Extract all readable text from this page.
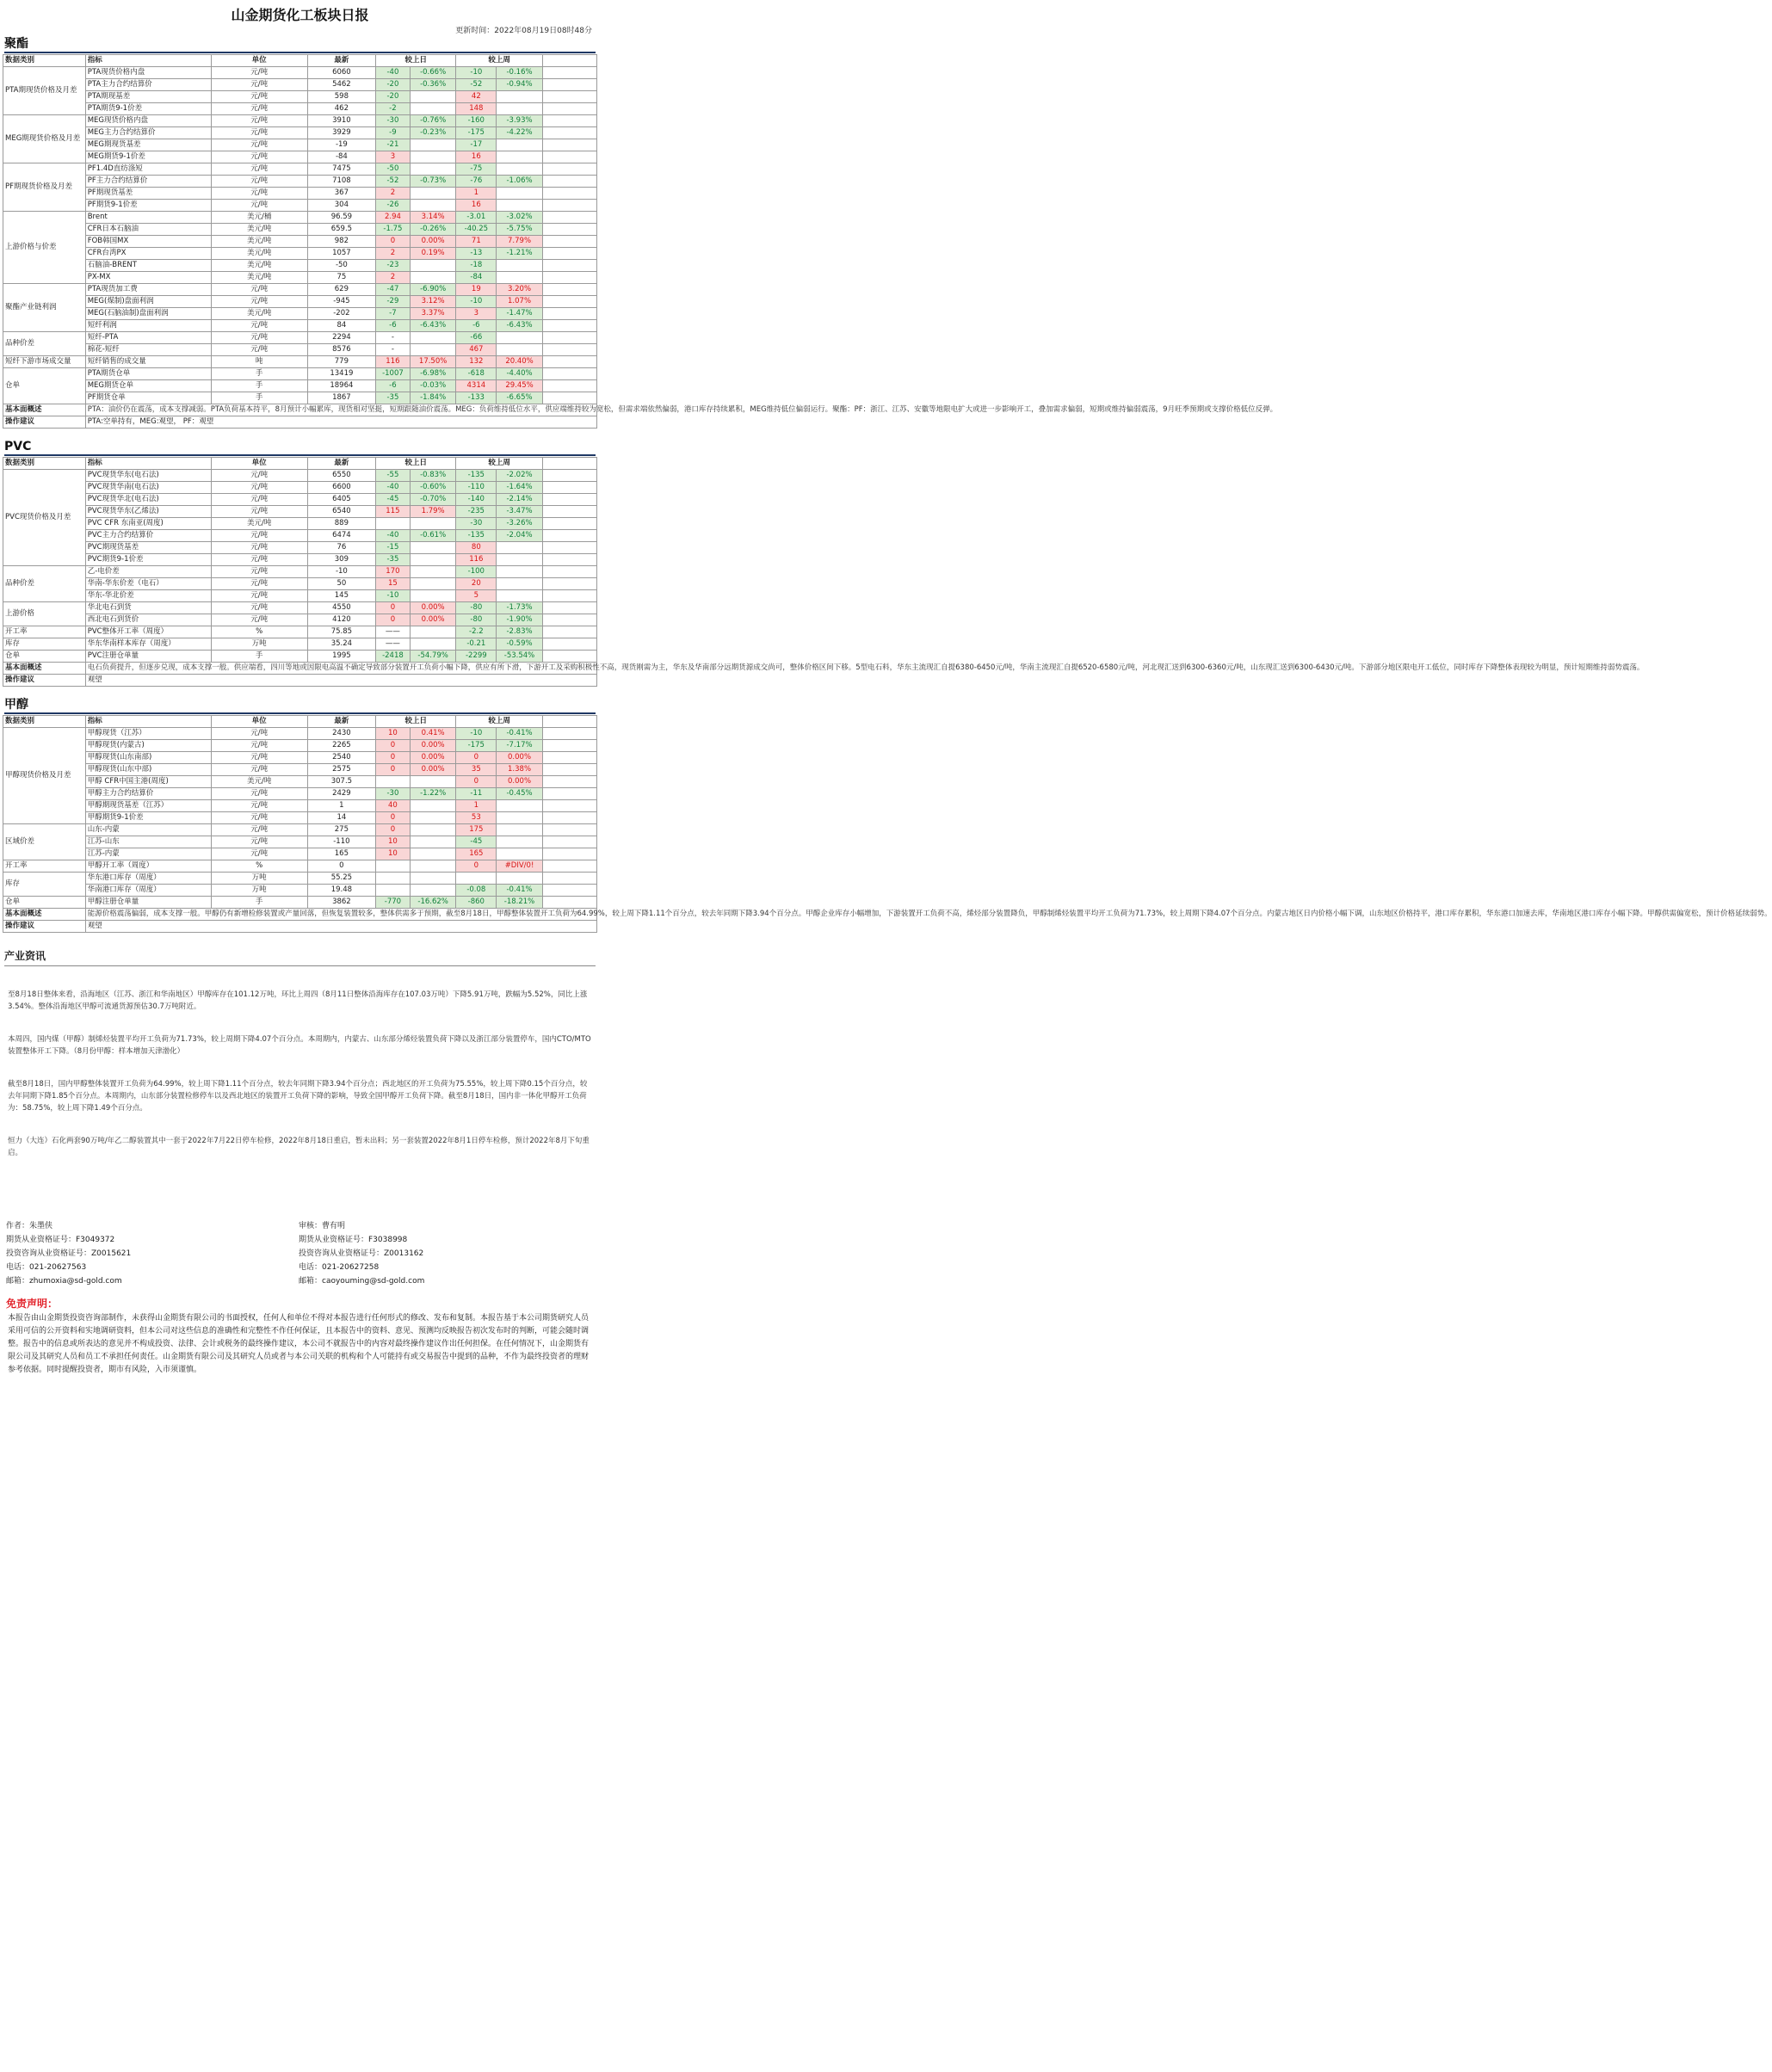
山金期货化工板块日报
更新时间：2022年08月19日08时48分
聚酯
数据类别	指标	单位	最新	较上日		较上周		
PTA期现货价格及月差	PTA现货价格内盘	元/吨	6060	-40	-0.66%	-10	-0.16%	
	PTA主力合约结算价	元/吨	5462	-20	-0.36%	-52	-0.94%	
	PTA期现基差	元/吨	598	-20		42		
	PTA期货9-1价差	元/吨	462	-2		148		
MEG期现货价格及月差	MEG现货价格内盘	元/吨	3910	-30	-0.76%	-160	-3.93%	
	MEG主力合约结算价	元/吨	3929	-9	-0.23%	-175	-4.22%	
	MEG期现货基差	元/吨	-19	-21		-17		
	MEG期货9-1价差	元/吨	-84	3		16		
PF期现货价格及月差	PF1.4D直纺涤短	元/吨	7475	-50		-75		
	PF主力合约结算价	元/吨	7108	-52	-0.73%	-76	-1.06%	
	PF期现货基差	元/吨	367	2		1		
	PF期货9-1价差	元/吨	304	-26		16		
上游价格与价差	Brent	美元/桶	96.59	2.94	3.14%	-3.01	-3.02%	
	CFR日本石脑油	美元/吨	659.5	-1.75	-0.26%	-40.25	-5.75%	
	FOB韩国MX	美元/吨	982	0	0.00%	71	7.79%	
	CFR台湾PX	美元/吨	1057	2	0.19%	-13	-1.21%	
	石脑油-BRENT	美元/吨	-50	-23		-18		
	PX-MX	美元/吨	75	2		-84		
聚酯产业链利润	PTA现货加工费	元/吨	629	-47	-6.90%	19	3.20%	
	MEG(煤制)盘面利润	元/吨	-945	-29	3.12%	-10	1.07%	
	MEG(石脑油制)盘面利润	美元/吨	-202	-7	3.37%	3	-1.47%	
	短纤利润	元/吨	84	-6	-6.43%	-6	-6.43%	
品种价差	短纤-PTA	元/吨	2294	-		-66		
	棉花-短纤	元/吨	8576	-		467		
短纤下游市场成交量	短纤销售的成交量	吨	779	116	17.50%	132	20.40%	
仓单	PTA期货仓单	手	13419	-1007	-6.98%	-618	-4.40%	
	MEG期货仓单	手	18964	-6	-0.03%	4314	29.45%	
	PF期货仓单	手	1867	-35	-1.84%	-133	-6.65%	
基本面概述	PTA：油价仍在震荡，成本支撑减弱。PTA负荷基本持平，8月预计小幅累库，现货相对坚挺，短期跟随油价震荡。MEG：负荷维持低位水平，供应端维持较为宽松，但需求端依然偏弱，港口库存持续累积，MEG维持低位偏弱运行。聚酯：PF：浙江、江苏、安徽等地限电扩大或进一步影响开工，叠加需求偏弱，短期或维持偏弱震荡，9月旺季预期或支撑价格低位反弹。							
操作建议	PTA:空单持有，MEG:观望， PF：观望							
PVC
数据类别	指标	单位	最新	较上日		较上周		
PVC现货价格及月差	PVC现货华东(电石法)	元/吨	6550	-55	-0.83%	-135	-2.02%	
	PVC现货华南(电石法)	元/吨	6600	-40	-0.60%	-110	-1.64%	
	PVC现货华北(电石法)	元/吨	6405	-45	-0.70%	-140	-2.14%	
	PVC现货华东(乙烯法)	元/吨	6540	115	1.79%	-235	-3.47%	
	PVC CFR 东南亚(周度)	美元/吨	889			-30	-3.26%	
	PVC主力合约结算价	元/吨	6474	-40	-0.61%	-135	-2.04%	
	PVC期现货基差	元/吨	76	-15		80		
	PVC期货9-1价差	元/吨	309	-35		116		
品种价差	乙-电价差	元/吨	-10	170		-100		
	华南-华东价差（电石）	元/吨	50	15		20		
	华东-华北价差	元/吨	145	-10		5		
上游价格	华北电石到货	元/吨	4550	0	0.00%	-80	-1.73%	
	西北电石到货价	元/吨	4120	0	0.00%	-80	-1.90%	
开工率	PVC整体开工率（周度）	%	75.85	——		-2.2	-2.83%	
库存	华东华南样本库存（周度）	万吨	35.24	——		-0.21	-0.59%	
仓单	PVC注册仓单量	手	1995	-2418	-54.79%	-2299	-53.54%	
基本面概述	电石负荷提升，但逐步兑现，成本支撑一般。供应端看，四川等地或因限电高温不确定导致部分装置开工负荷小幅下降，供应有所下滑，下游开工及采购积极性不高，现货刚需为主，华东及华南部分远期货源成交尚可，整体价格区间下移。5型电石料，华东主流现汇自提6380-6450元/吨，华南主流现汇自提6520-6580元/吨，河北现汇送到6300-6360元/吨，山东现汇送到6300-6430元/吨。下游部分地区限电开工低位，同时库存下降整体表现较为明显，预计短期维持弱势震荡。							
操作建议	观望							
甲醇
数据类别	指标	单位	最新	较上日		较上周		
甲醇现货价格及月差	甲醇现货（江苏）	元/吨	2430	10	0.41%	-10	-0.41%	
	甲醇现货(内蒙古)	元/吨	2265	0	0.00%	-175	-7.17%	
	甲醇现货(山东南部)	元/吨	2540	0	0.00%	0	0.00%	
	甲醇现货(山东中部)	元/吨	2575	0	0.00%	35	1.38%	
	甲醇 CFR中国主港(周度)	美元/吨	307.5			0	0.00%	
	甲醇主力合约结算价	元/吨	2429	-30	-1.22%	-11	-0.45%	
	甲醇期现货基差（江苏）	元/吨	1	40		1		
	甲醇期货9-1价差	元/吨	14	0		53		
区域价差	山东-内蒙	元/吨	275	0		175		
	江苏-山东	元/吨	-110	10		-45		
	江苏-内蒙	元/吨	165	10		165		
开工率	甲醇开工率（周度）	%	0			0	#DIV/0!	
库存	华东港口库存（周度）	万吨	55.25					
	华南港口库存（周度）	万吨	19.48			-0.08	-0.41%	
仓单	甲醇注册仓单量	手	3862	-770	-16.62%	-860	-18.21%	
基本面概述	能源价格震荡偏弱，成本支撑一般。甲醇仍有新增检修装置或产量回落，但恢复装置较多，整体供需多于预期，截至8月18日，甲醇整体装置开工负荷为64.99%，较上周下降1.11个百分点，较去年同期下降3.94个百分点。甲醇企业库存小幅增加，下游装置开工负荷不高，烯烃部分装置降负，甲醇制烯烃装置平均开工负荷为71.73%，较上周期下降4.07个百分点。内蒙古地区日内价格小幅下调，山东地区价格持平，港口库存累积，华东港口加速去库，华南地区港口库存小幅下降。甲醇供需偏宽松，预计价格延续弱势。							
操作建议	观望							
产业资讯

至8月18日整体来看，沿海地区（江苏、浙江和华南地区）甲醇库存在101.12万吨，环比上周四（8月11日整体沿海库存在107.03万吨）下降5.91万吨，跌幅为5.52%，同比上涨3.54%。整体沿海地区甲醇可流通货源预估30.7万吨附近。

本周四，国内煤（甲醇）制烯烃装置平均开工负荷为71.73%，较上周期下降4.07个百分点。本周期内，内蒙古、山东部分烯烃装置负荷下降以及浙江部分装置停车，国内CTO/MTO装置整体开工下降。（8月份甲醇：样本增加天津渤化）

截至8月18日，国内甲醇整体装置开工负荷为64.99%，较上周下降1.11个百分点，较去年同期下降3.94个百分点；西北地区的开工负荷为75.55%，较上周下降0.15个百分点，较去年同期下降1.85个百分点。本周期内，山东部分装置检修停车以及西北地区的装置开工负荷下降的影响，导致全国甲醇开工负荷下降。截至8月18日，国内非一体化甲醇开工负荷为：58.75%，较上周下降1.49个百分点。

恒力（大连）石化两套90万吨/年乙二醇装置其中一套于2022年7月22日停车检修，2022年8月18日重启，暂未出料；另一套装置2022年8月1日停车检修，预计2022年8月下旬重启。

作者：朱墨侠
期货从业资格证号：F3049372
投资咨询从业资格证号：Z0015621
电话：021-20627563
邮箱：zhumoxia@sd-gold.com
审核：曹有明
期货从业资格证号：F3038998
投资咨询从业资格证号：Z0013162
电话：021-20627258
邮箱：caoyouming@sd-gold.com
免责声明：

本报告由山金期货投资咨询部制作，未获得山金期货有限公司的书面授权，任何人和单位不得对本报告进行任何形式的修改、发布和复制。本报告基于本公司期货研究人员采用可信的公开资料和实地调研资料，但本公司对这些信息的准确性和完整性不作任何保证，且本报告中的资料、意见、预测均反映报告初次发布时的判断，可能会随时调整。报告中的信息或所表达的意见并不构成投资、法律、会计或税务的最终操作建议，本公司不就报告中的内容对最终操作建议作出任何担保。在任何情况下，山金期货有限公司及其研究人员和员工不承担任何责任。山金期货有限公司及其研究人员或者与本公司关联的机构和个人可能持有或交易报告中提到的品种，不作为最终投资者的理财参考依据。同时提醒投资者，期市有风险，入市须谨慎。
